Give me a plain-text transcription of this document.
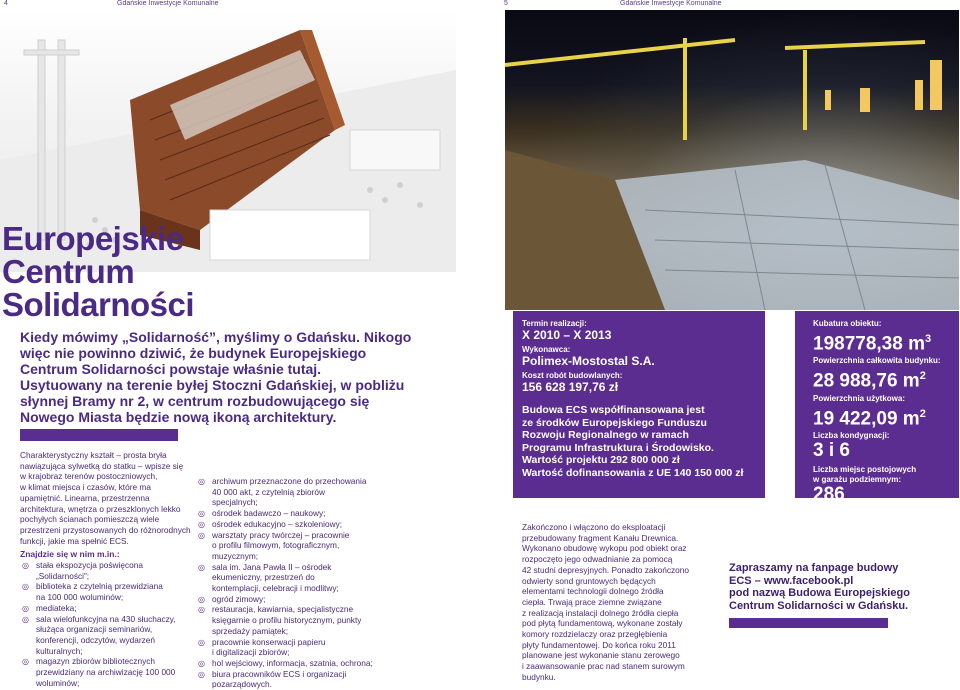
4	Gdańskie Inwestycje Komunalne	5	Gdańskie Inwestycje Komunalne
Europejskie
Centrum
Solidarności
Kiedy mówimy „Solidarność”, myślimy o Gdańsku. Nikogo
więc nie powinno dziwić, że budynek Europejskiego
Centrum Solidarności powstaje właśnie tutaj.
Usytuowany na terenie byłej Stoczni Gdańskiej, w pobliżu
słynnej Bramy nr 2, w centrum rozbudowującego się
Nowego Miasta będzie nową ikoną architektury.
Charakterystyczny kształt – prosta bryła
nawiązująca sylwetką do statku – wpisze się
w krajobraz terenów postoczniowych,
w klimat miejsca i czasów, które ma
upamiętnić. Linearna, przestrzenna
architektura, wnętrza o przeszklonych lekko
pochyłych ścianach pomieszczą wiele
przestrzeni przystosowanych do różnorodnych
funkcji, jakie ma spełnić ECS.
Znajdzie się w nim m.in.:
◎ stała ekspozycja poświęcona
„Solidarności”;
◎ biblioteka z czytelnią przewidziana
na 100 000 woluminów;
◎ mediateka;
◎ sala wielofunkcyjna na 430 słuchaczy,
służąca organizacji seminariów,
konferencji, odczytów, wydarzeń
kulturalnych;
◎ magazyn zbiorów bibliotecznych
przewidziany na archiwizację 100 000
woluminów;
◎ archiwum przeznaczone do przechowania
40 000 akt, z czytelnią zbiorów
specjalnych;
◎ ośrodek badawczo – naukowy;
◎ ośrodek edukacyjno – szkoleniowy;
◎ warsztaty pracy twórczej – pracownie
o profilu filmowym, fotograficznym,
muzycznym;
◎ sala im. Jana Pawła II – ośrodek
ekumeniczny, przestrzeń do
kontemplacji, celebracji i modlitwy;
◎ ogród zimowy;
◎ restauracja, kawiarnia, specjalistyczne
księgarnie o profilu historycznym, punkty
sprzedaży pamiątek;
◎ pracownie konserwacji papieru
i digitalizacji zbiorów;
◎ hol wejściowy, informacja, szatnia, ochrona;
◎ biura pracowników ECS i organizacji
pozarządowych.
Termin realizacji:
X 2010 – X 2013
Wykonawca:
Polimex-Mostostal S.A.
Koszt robót budowlanych:
156 628 197,76 zł
Budowa ECS współfinansowana jest
ze środków Europejskiego Funduszu
Rozwoju Regionalnego w ramach
Programu Infrastruktura i Środowisko.
Wartość projektu 292 800 000 zł
Wartość dofinansowania z UE 140 150 000 zł
Kubatura obiektu:
198778,38 $m^3$
Powierzchnia całkowita budynku:
28 988,76 $m^2$
Powierzchnia użytkowa:
19 422,09 $m^2$
Liczba kondygnacji:
3 i 6
Liczba miejsc postojowych
w garażu podziemnym:
286
Zakończono i włączono do eksploatacji
przebudowany fragment Kanału Drewnica.
Wykonano obudowę wykopu pod obiekt oraz
rozpoczęto jego odwadnianie za pomocą
42 studni depresyjnych. Ponadto zakończono
odwierty sond gruntowych będących
elementami technologii dolnego źródła
ciepła. Trwają prace ziemne związane
z realizacją instalacji dolnego źródła ciepła
pod płytą fundamentową, wykonane zostały
komory rozdzielaczy oraz przegłębienia
płyty fundamentowej. Do końca roku 2011
planowane jest wykonanie stanu zerowego
i zaawansowanie prac nad stanem surowym
budynku.
Zapraszamy na fanpage budowy
ECS – www.facebook.pl
pod nazwą Budowa Europejskiego
Centrum Solidarności w Gdańsku.
